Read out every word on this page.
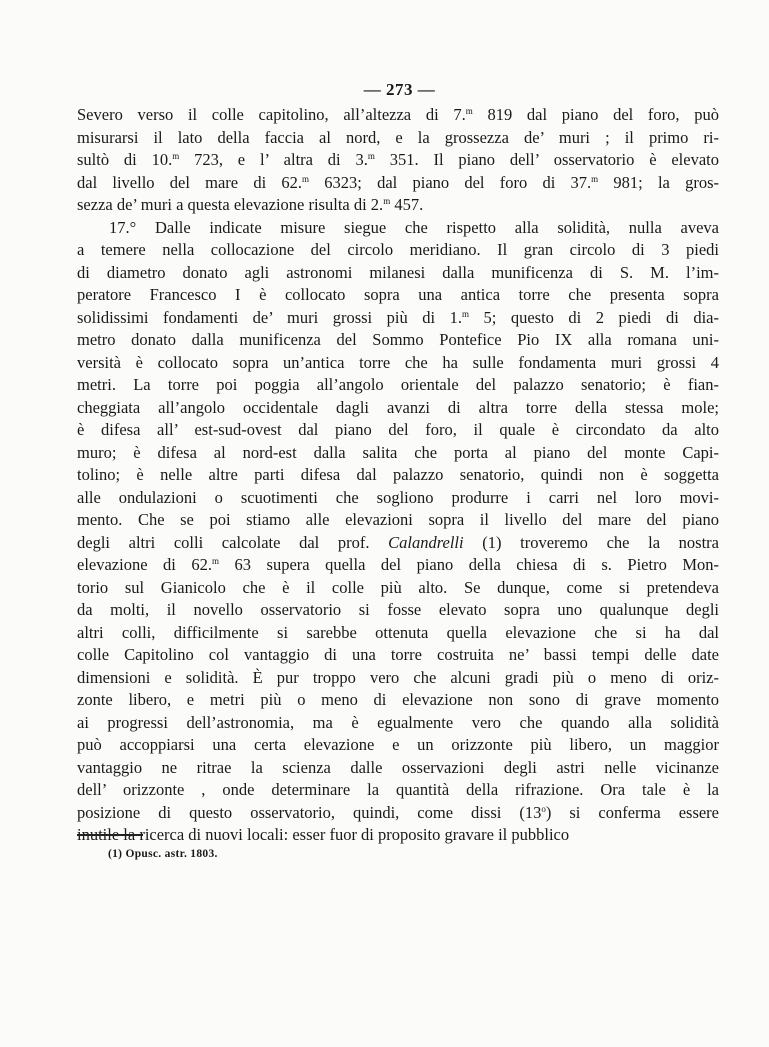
— 273 —
Severo verso il colle capitolino, all’altezza di 7.$^m$ 819 dal piano del foro, può
misurarsi il lato della faccia al nord, e la grossezza de’ muri ; il primo ri-
sultò di 10.$^m$ 723, e l’ altra di 3.$^m$ 351. Il piano dell’ osservatorio è elevato
dal livello del mare di 62.$^m$ 6323; dal piano del foro di 37.$^m$ 981; la gros-
sezza de’ muri a questa elevazione risulta di 2.$^m$ 457.
17.° Dalle indicate misure siegue che rispetto alla solidità, nulla aveva
a temere nella collocazione del circolo meridiano. Il gran circolo di 3 piedi
di diametro donato agli astronomi milanesi dalla munificenza di S. M. l’im-
peratore Francesco I è collocato sopra una antica torre che presenta sopra
solidissimi fondamenti de’ muri grossi più di 1.$^m$ 5; questo di 2 piedi di dia-
metro donato dalla munificenza del Sommo Pontefice Pio IX alla romana uni-
versità è collocato sopra un’antica torre che ha sulle fondamenta muri grossi 4
metri. La torre poi poggia all’angolo orientale del palazzo senatorio; è fian-
cheggiata all’angolo occidentale dagli avanzi di altra torre della stessa mole;
è difesa all’ est-sud-ovest dal piano del foro, il quale è circondato da alto
muro; è difesa al nord-est dalla salita che porta al piano del monte Capi-
tolino; è nelle altre parti difesa dal palazzo senatorio, quindi non è soggetta
alle ondulazioni o scuotimenti che sogliono produrre i carri nel loro movi-
mento. Che se poi stiamo alle elevazioni sopra il livello del mare del piano
degli altri colli calcolate dal prof. Calandrelli (1) troveremo che la nostra
elevazione di 62.$^m$ 63 supera quella del piano della chiesa di s. Pietro Mon-
torio sul Gianicolo che è il colle più alto. Se dunque, come si pretendeva
da molti, il novello osservatorio si fosse elevato sopra uno qualunque degli
altri colli, difficilmente si sarebbe ottenuta quella elevazione che si ha dal
colle Capitolino col vantaggio di una torre costruita ne’ bassi tempi delle date
dimensioni e solidità. È pur troppo vero che alcuni gradi più o meno di oriz-
zonte libero, e metri più o meno di elevazione non sono di grave momento
ai progressi dell’astronomia, ma è egualmente vero che quando alla solidità
può accoppiarsi una certa elevazione e un orizzonte più libero, un maggior
vantaggio ne ritrae la scienza dalle osservazioni degli astri nelle vicinanze
dell’ orizzonte , onde determinare la quantità della rifrazione. Ora tale è la
posizione di questo osservatorio, quindi, come dissi (13$^o$) si conferma essere
inutile la ricerca di nuovi locali: esser fuor di proposito gravare il pubblico
(1) Opusc. astr. 1803.
